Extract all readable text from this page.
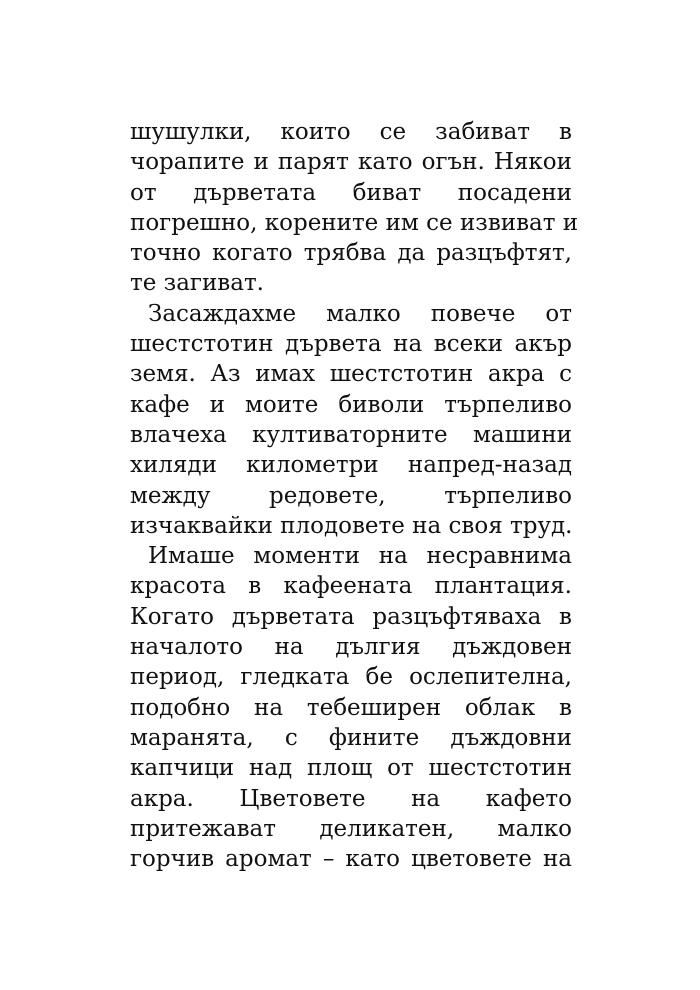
шушулки, които се забиват в
чорапите и парят като огън. Някои
от дърветата биват посадени
погрешно, корените им се извиват и
точно когато трябва да разцъфтят,
те загиват.
Засаждахме малко повече от
шестстотин дървета на всеки акър
земя. Аз имах шестстотин акра с
кафе и моите биволи търпеливо
влачеха култиваторните машини
хиляди километри напред-назад
между редовете, търпеливо
изчаквайки плодовете на своя труд.
Имаше моменти на несравнима
красота в кафеената плантация.
Когато дърветата разцъфтяваха в
началото на дългия дъждовен
период, гледката бе ослепителна,
подобно на тебеширен облак в
маранята, с фините дъждовни
капчици над площ от шестстотин
акра. Цветовете на кафето
притежават деликатен, малко
горчив аромат – като цветовете на
